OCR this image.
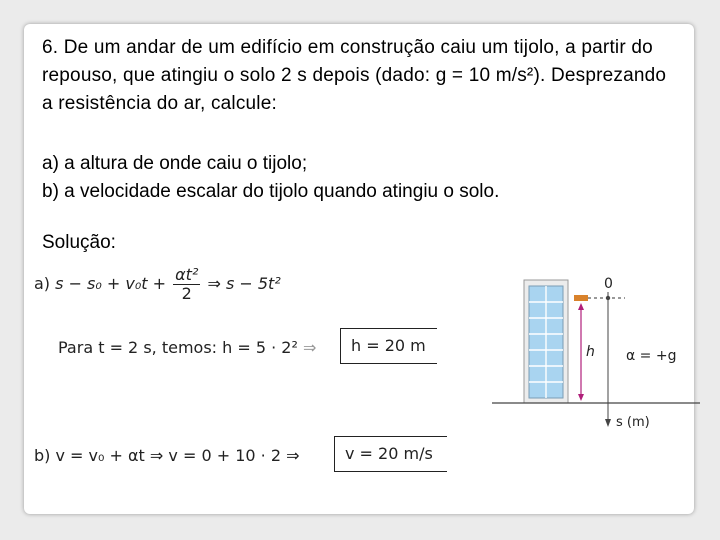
6. De um andar de um edifício em construção caiu um tijolo, a partir do repouso, que atingiu o solo 2 s depois (dado: g = 10 m/s²). Desprezando a resistência do ar, calcule:
a) a altura de onde caiu o tijolo;
b) a velocidade escalar do tijolo quando atingiu o solo.
Solução:
a) $s - s_0 + v_0t + \frac{\text{αt²}}{2}$ ⇒ s − 5t²
Para t = 2 s, temos: h = 5 · 2² ⇒	h = 20 m
b) v = v₀ + αt ⇒ v = 0 + 10 · 2 ⇒	v = 20 m/s
0
h α = +g
s (m)
